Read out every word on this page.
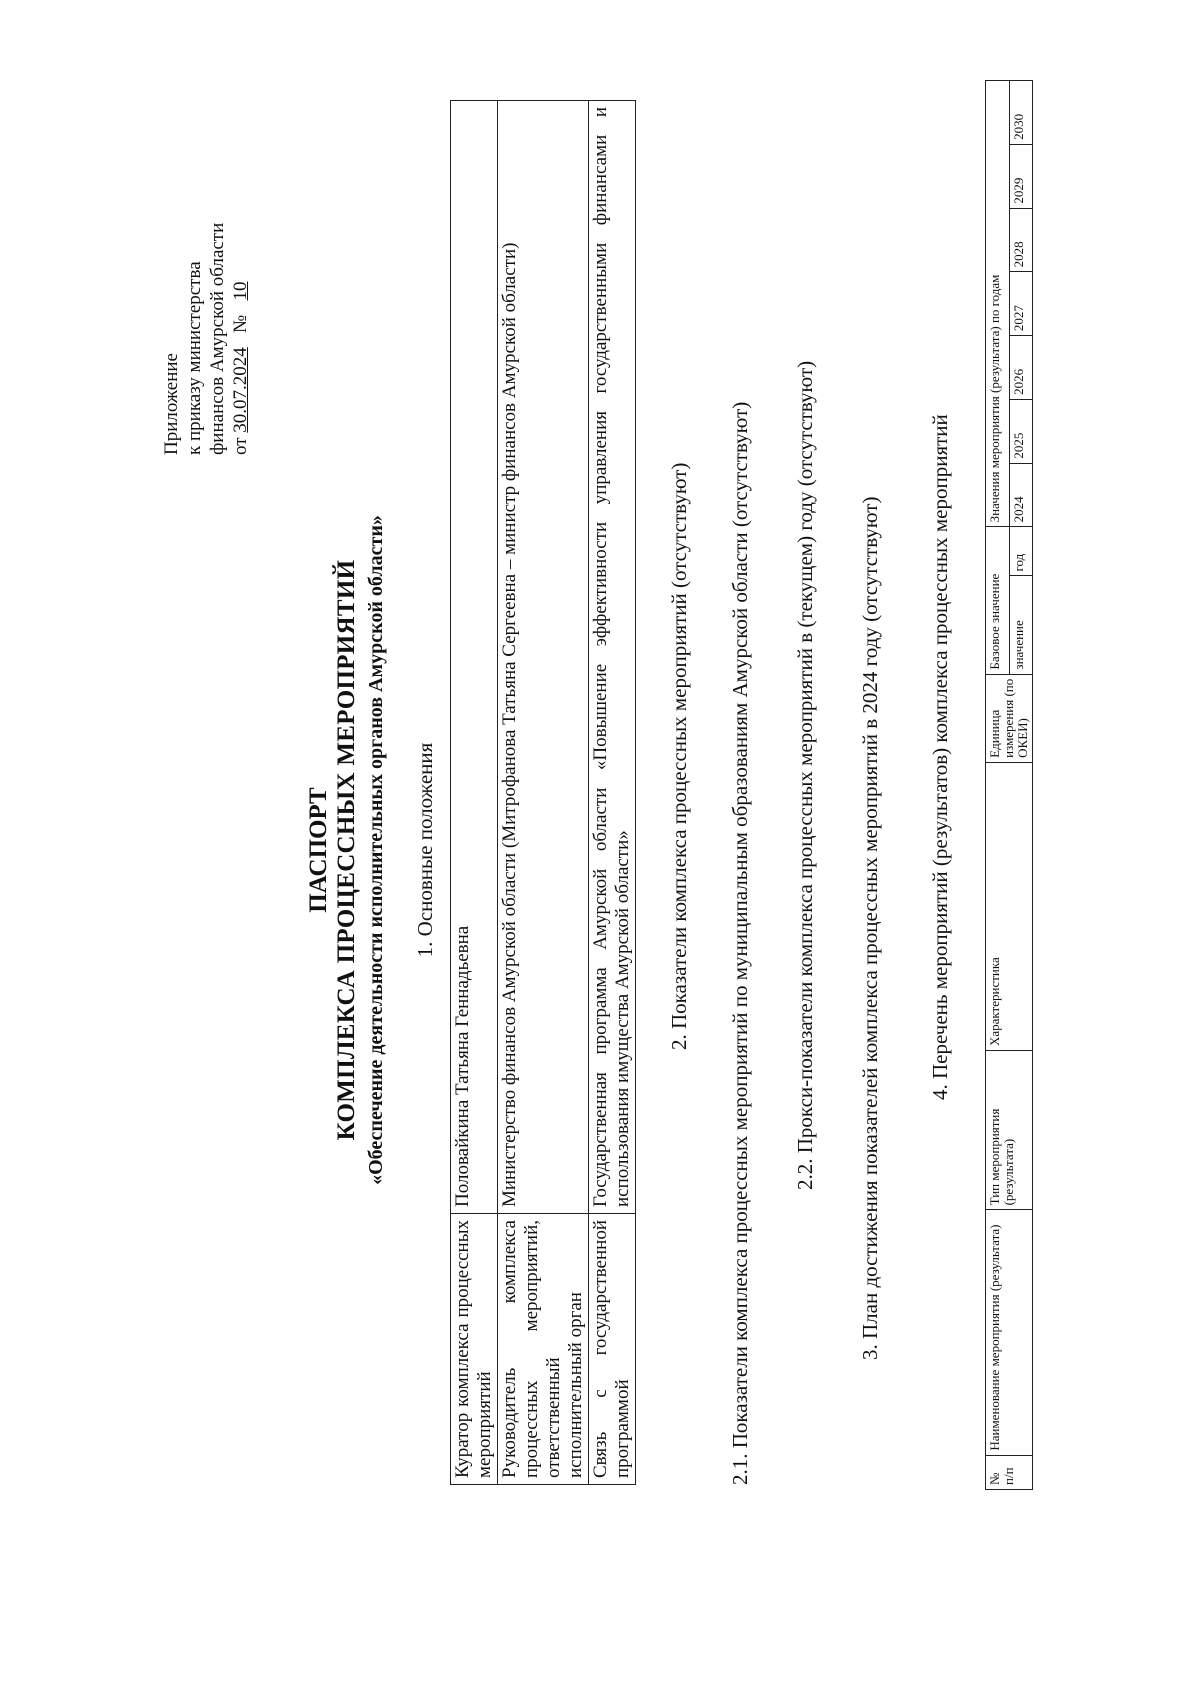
Приложение к приказу министерства финансов Амурской области от 30.07.2024   №   10
ПАСПОРТ КОМПЛЕКСА ПРОЦЕССНЫХ МЕРОПРИЯТИЙ «Обеспечение деятельности исполнительных органов Амурской области» 1. Основные положения
Куратор комплекса процессных мероприятий	Половайкина Татьяна Геннадьевна
Руководитель комплекса процессных мероприятий, ответственный исполнительный орган	Министерство финансов Амурской области (Митрофанова Татьяна Сергеевна – министр финансов Амурской области)
Связь с государственной программой	Государственная программа Амурской области «Повышение эффективности управления государственными финансами и использования имущества Амурской области» 2. Показатели комплекса процессных мероприятий (отсутствуют) 2.1. Показатели комплекса процессных мероприятий по муниципальным образованиям Амурской области (отсутствуют) 2.2. Прокси-показатели комплекса процессных мероприятий в (текущем) году (отсутствуют) 3. План достижения показателей комплекса процессных мероприятий в 2024 году (отсутствуют) 4. Перечень мероприятий (результатов) комплекса процессных мероприятий
№ п/п	Наименование мероприятия (результата)	Тип мероприятия (результата)	Характеристика	Единица измерения (по ОКЕИ)	Базовое значение		Значения мероприятия (результата) по годам						
					значение	год	2024	2025	2026	2027	2028	2029	2030
